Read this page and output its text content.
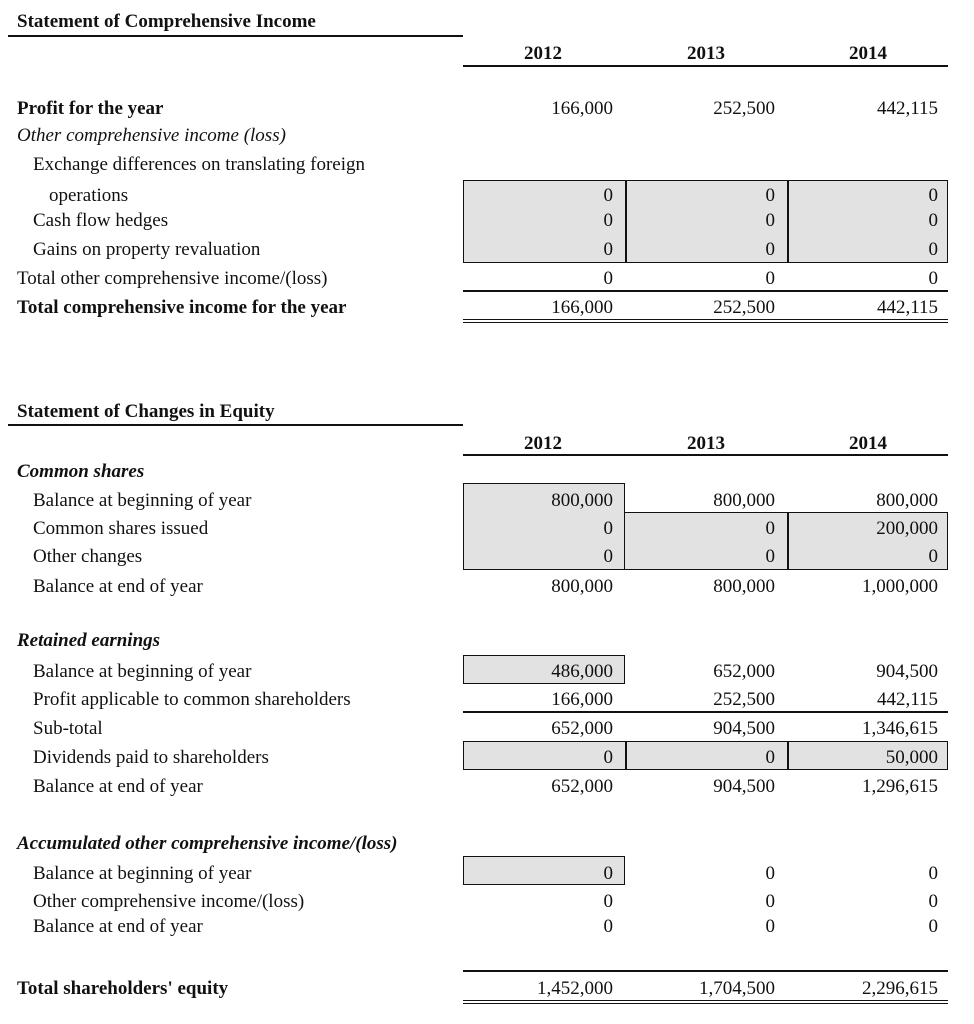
Statement of Comprehensive Income
2012	2013	2014
Profit for the year	166,000	252,500	442,115
Other comprehensive income (loss)
Exchange differences on translating foreign
operations	0	0	0
Cash flow hedges	0	0	0
Gains on property revaluation	0	0	0
Total other comprehensive income/(loss)	0	0	0
Total comprehensive income for the year	166,000	252,500	442,115
Statement of Changes in Equity
2012	2013	2014
Common shares
Balance at beginning of year	800,000	800,000	800,000
Common shares issued	0	0	200,000
Other changes	0	0	0
Balance at end of year	800,000	800,000	1,000,000
Retained earnings
Balance at beginning of year	486,000	652,000	904,500
Profit applicable to common shareholders	166,000	252,500	442,115
Sub-total	652,000	904,500	1,346,615
Dividends paid to shareholders	0	0	50,000
Balance at end of year	652,000	904,500	1,296,615
Accumulated other comprehensive income/(loss)
Balance at beginning of year	0	0	0
Other comprehensive income/(loss)	0	0	0
Balance at end of year	0	0	0
Total shareholders' equity	1,452,000	1,704,500	2,296,615
